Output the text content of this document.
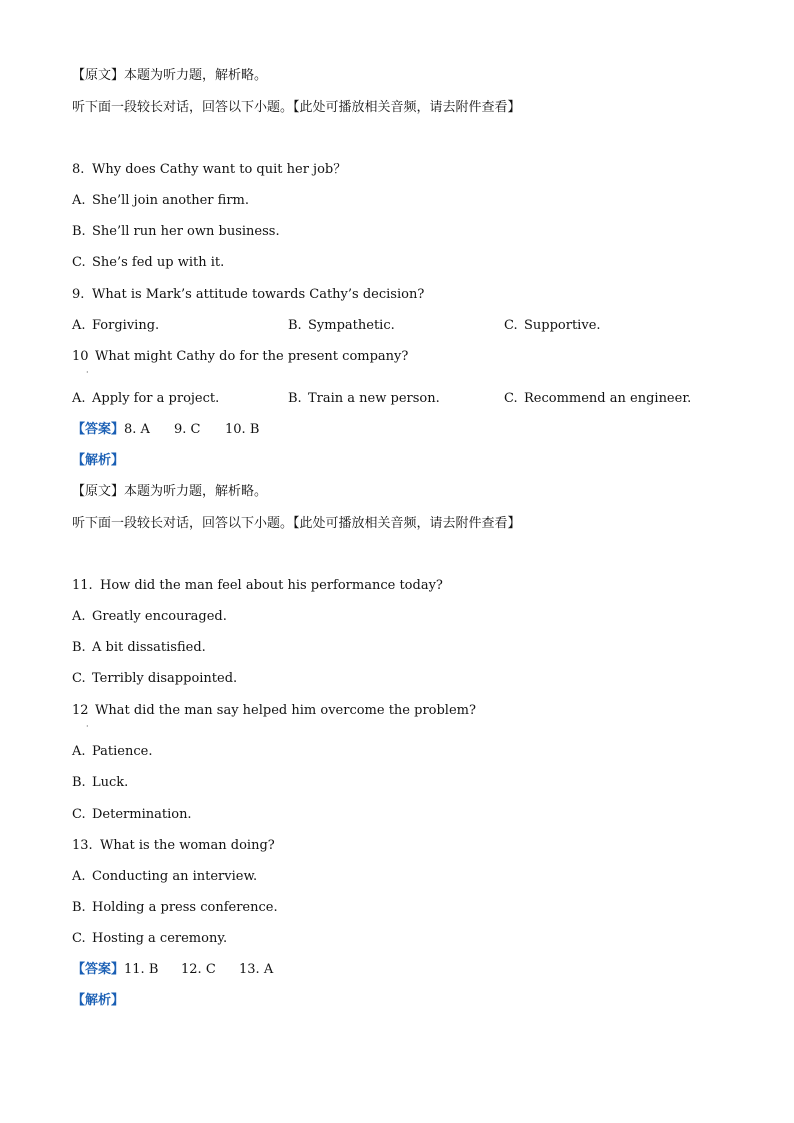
【原文】本题为听力题，解析略。
听下面一段较长对话，回答以下小题。【此处可播放相关音频，请去附件查看】
8. Why does Cathy want to quit her job？
A. She’ll join another firm.
B. She’ll run her own business.
C. She’s fed up with it.
9. What is Mark’s attitude towards Cathy’s decision?
A. Forgiving.	B. Sympathetic.	C. Supportive.
10 What might Cathy do for the present company?
·
A. Apply for a project.	B. Train a new person.	C. Recommend an engineer.
【答案】8. A 9. C 10. B
【解析】
【原文】本题为听力题，解析略。
听下面一段较长对话，回答以下小题。【此处可播放相关音频，请去附件查看】
11. How did the man feel about his performance today?
A. Greatly encouraged.
B. A bit dissatisfied.
C. Terribly disappointed.
12 What did the man say helped him overcome the problem?
·
A. Patience.
B. Luck.
C. Determination.
13. What is the woman doing?
A. Conducting an interview.
B. Holding a press conference.
C. Hosting a ceremony.
【答案】11. B 12. C 13. A
【解析】
